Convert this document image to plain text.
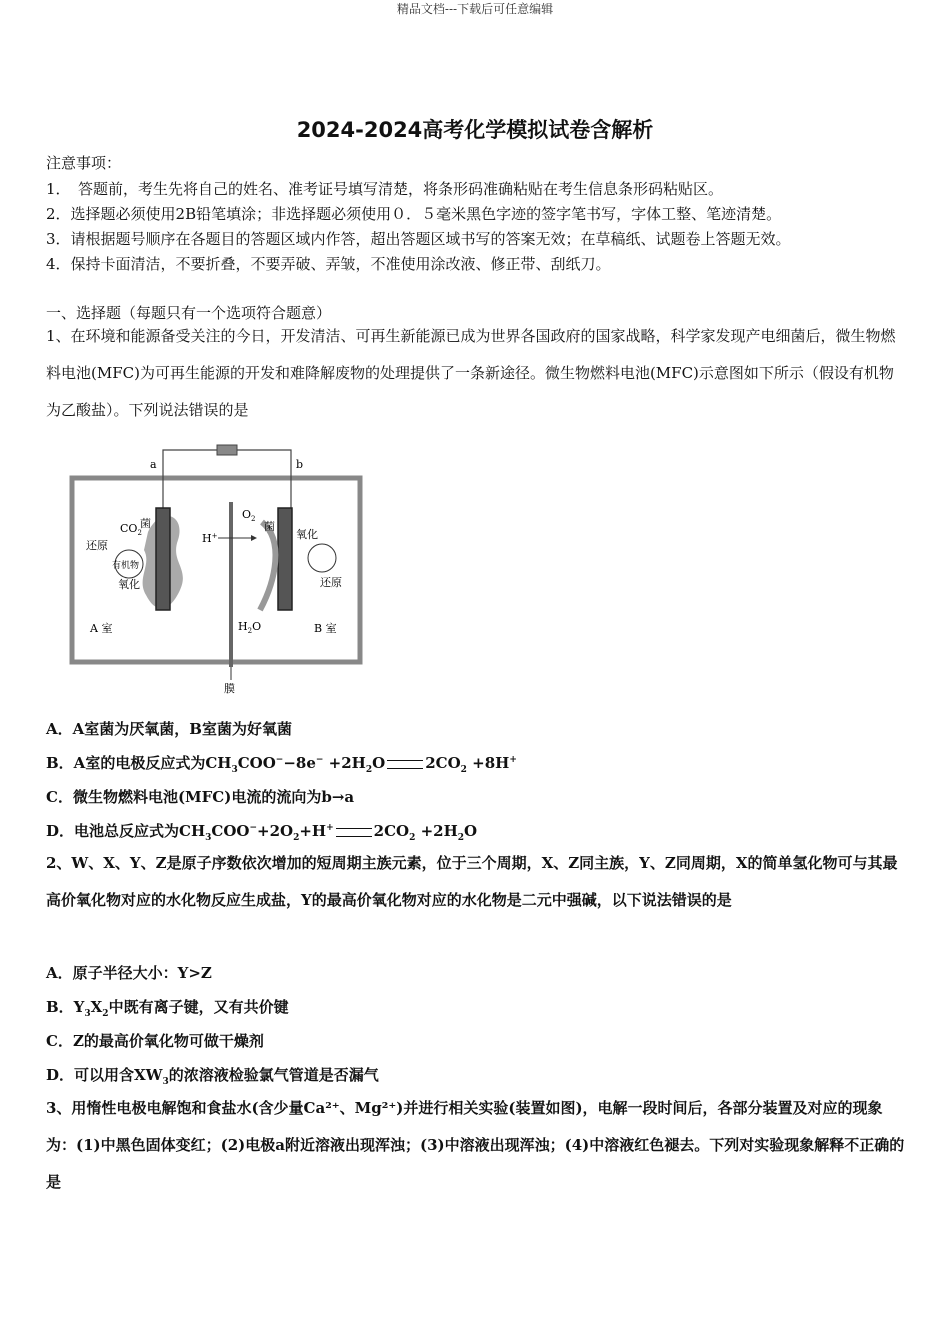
精品文档---下载后可任意编辑
2024-2024高考化学模拟试卷含解析
注意事项：
1．　答题前，考生先将自己的姓名、准考证号填写清楚，将条形码准确粘贴在考生信息条形码粘贴区。
2．选择题必须使用2B铅笔填涂；非选择题必须使用０．５毫米黑色字迹的签字笔书写，字体工整、笔迹清楚。
3．请根据题号顺序在各题目的答题区域内作答，超出答题区域书写的答案无效；在草稿纸、试题卷上答题无效。
4．保持卡面清洁，不要折叠，不要弄破、弄皱，不准使用涂改液、修正带、刮纸刀。
一、选择题（每题只有一个选项符合题意）
1、在环境和能源备受关注的今日，开发清洁、可再生新能源已成为世界各国政府的国家战略，科学家发现产电细菌后，微生物燃料电池(MFC)为可再生能源的开发和难降解废物的处理提供了一条新途径。微生物燃料电池(MFC)示意图如下所示（假设有机物为乙酸盐）。下列说法错误的是
a	b
$CO_2$
菌
还原
有机物
氧化
H+
$O_2$
菌
氧化
还原
$H_2O$
A 室	B 室
膜
A．A室菌为厌氧菌，B室菌为好氧菌
B．A室的电极反应式为$CH_3COO^--8e^- +2H_2O$	$2CO_2 +8H^+$
C．微生物燃料电池(MFC)电流的流向为b→a
D．电池总反应式为$CH_3COO^-+2O_2+H^+$	$2CO_2 +2H_2O$
2、W、X、Y、Z是原子序数依次增加的短周期主族元素，位于三个周期，X、Z同主族，Y、Z同周期，X的简单氢化物可与其最高价氧化物对应的水化物反应生成盐，Y的最高价氧化物对应的水化物是二元中强碱，以下说法错误的是
A．原子半径大小：Y>Z
B．$Y_3X_2$中既有离子键，又有共价键
C．Z的最高价氧化物可做干燥剂
D．可以用含$XW_3$的浓溶液检验氯气管道是否漏气
3、用惰性电极电解饱和食盐水(含少量Ca²⁺、Mg²⁺)并进行相关实验(装置如图)，电解一段时间后，各部分装置及对应的现象为：(1)中黑色固体变红；(2)电极a附近溶液出现浑浊；(3)中溶液出现浑浊；(4)中溶液红色褪去。下列对实验现象解释不正确的是
